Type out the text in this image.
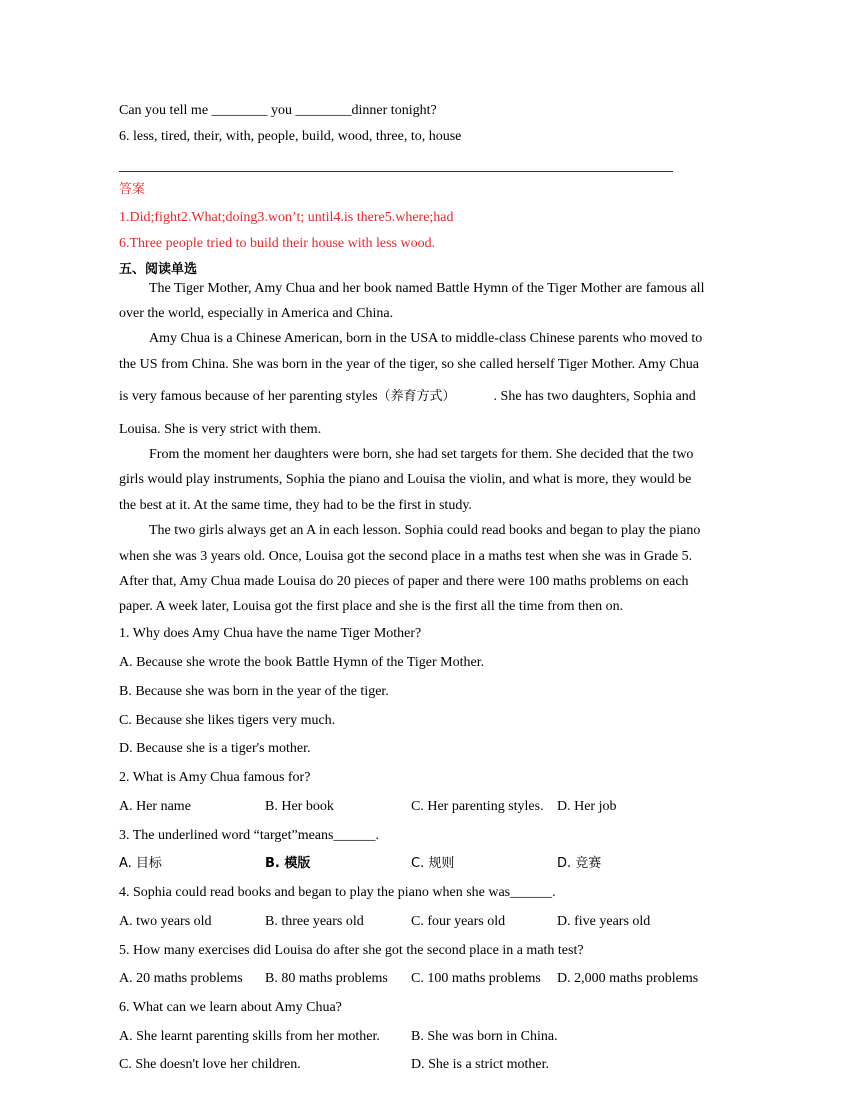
Can you tell me ________ you ________dinner tonight?
6. less, tired, their, with, people, build, wood, three, to, house
答案
1.Did;fight2.What;doing3.won’t; until4.is there5.where;had
6.Three people tried to build their house with less wood.
五、阅读单选
The Tiger Mother, Amy Chua and her book named Battle Hymn of the Tiger Mother are famous all
over the world, especially in America and China.
Amy Chua is a Chinese American, born in the USA to middle-class Chinese parents who moved to
the US from China. She was born in the year of the tiger, so she called herself Tiger Mother. Amy Chua
is very famous because of her parenting styles（养育方式）	. She has two daughters, Sophia and
Louisa. She is very strict with them.
From the moment her daughters were born, she had set targets for them. She decided that the two
girls would play instruments, Sophia the piano and Louisa the violin, and what is more, they would be
the best at it. At the same time, they had to be the first in study.
The two girls always get an A in each lesson. Sophia could read books and began to play the piano
when she was 3 years old. Once, Louisa got the second place in a maths test when she was in Grade 5.
After that, Amy Chua made Louisa do 20 pieces of paper and there were 100 maths problems on each
paper. A week later, Louisa got the first place and she is the first all the time from then on.
1. Why does Amy Chua have the name Tiger Mother?
A. Because she wrote the book Battle Hymn of the Tiger Mother.
B. Because she was born in the year of the tiger.
C. Because she likes tigers very much.
D. Because she is a tiger's mother.
2. What is Amy Chua famous for?
A. Her name	B. Her book	C. Her parenting styles. D. Her job
3. The underlined word “target”means______.
A. 目标	B. 模版	C. 规则	D. 竞赛
4. Sophia could read books and began to play the piano when she was______.
A. two years old	B. three years old	C. four years old	D. five years old
5. How many exercises did Louisa do after she got the second place in a math test?
A. 20 maths problems B. 80 maths problems C. 100 maths problems D. 2,000 maths problems
6. What can we learn about Amy Chua?
A. She learnt parenting skills from her mother. B. She was born in China.
C. She doesn't love her children.	D. She is a strict mother.
